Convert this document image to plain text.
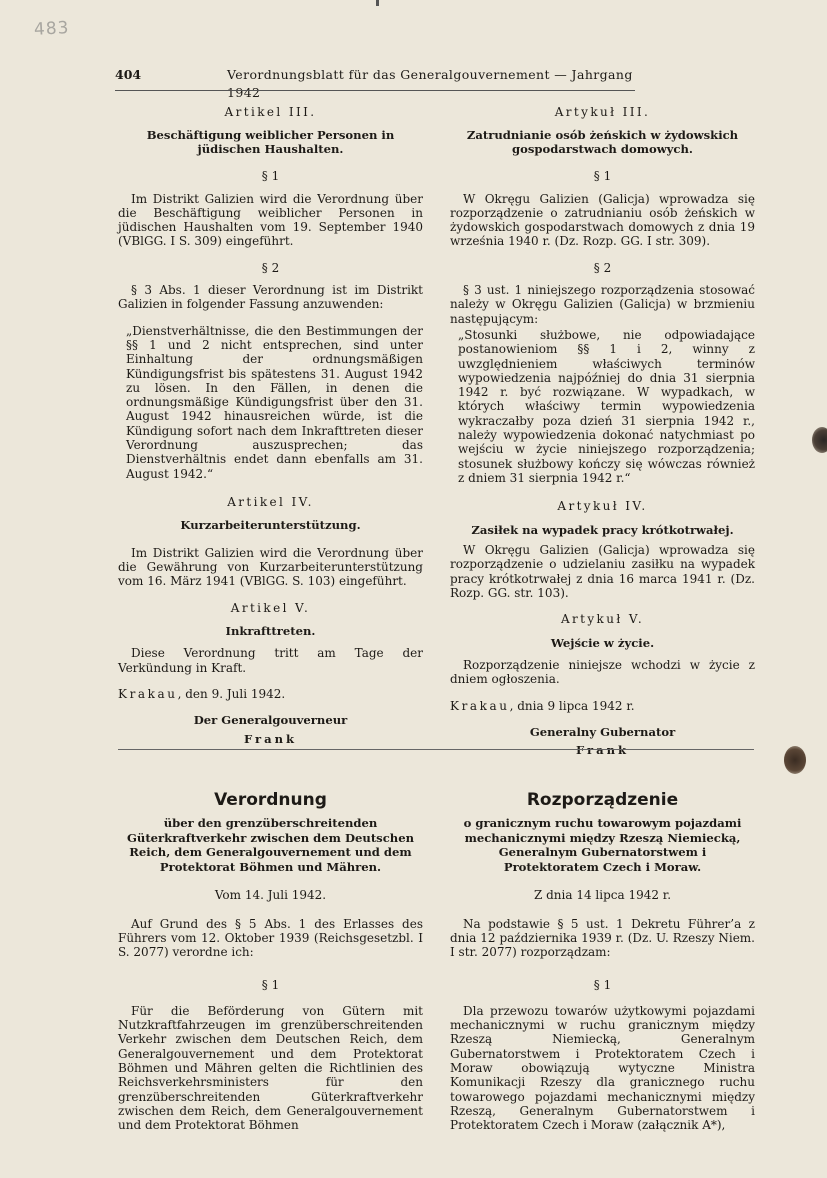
483
404	Verordnungsblatt für das Generalgouvernement — Jahrgang 1942
Artikel III.
Beschäftigung weiblicher Personen in jüdischen Haushalten.
§ 1
Im Distrikt Galizien wird die Verordnung über die Beschäftigung weiblicher Personen in jüdischen Haushalten vom 19. September 1940 (VBlGG. I S. 309) eingeführt.
§ 2
§ 3 Abs. 1 dieser Verordnung ist im Distrikt Galizien in folgender Fassung anzuwenden:
„Dienstverhältnisse, die den Bestimmungen der §§ 1 und 2 nicht entsprechen, sind unter Einhaltung der ordnungsmäßigen Kündigungsfrist bis spätestens 31. August 1942 zu lösen. In den Fällen, in denen die ordnungsmäßige Kündigungsfrist über den 31. August 1942 hinausreichen würde, ist die Kündigung sofort nach dem Inkrafttreten dieser Verordnung auszusprechen; das Dienstverhältnis endet dann ebenfalls am 31. August 1942.“
Artikel IV.
Kurzarbeiterunterstützung.
Im Distrikt Galizien wird die Verordnung über die Gewährung von Kurzarbeiterunterstützung vom 16. März 1941 (VBlGG. S. 103) eingeführt.
Artikel V.
Inkrafttreten.
Diese Verordnung tritt am Tage der Verkündung in Kraft.
Krakau, den 9. Juli 1942.
Der Generalgouverneur
Frank
Artykuł III.
Zatrudnianie osób żeńskich w żydowskich gospodarstwach domowych.
§ 1
W Okręgu Galizien (Galicja) wprowadza się rozporządzenie o zatrudnianiu osób żeńskich w żydowskich gospodarstwach domowych z dnia 19 września 1940 r. (Dz. Rozp. GG. I str. 309).
§ 2
§ 3 ust. 1 niniejszego rozporządzenia stosować należy w Okręgu Galizien (Galicja) w brzmieniu następującym:
„Stosunki służbowe, nie odpowiadające postanowieniom §§ 1 i 2, winny z uwzględnieniem właściwych terminów wypowiedzenia najpóźniej do dnia 31 sierpnia 1942 r. być rozwiązane. W wypadkach, w których właściwy termin wypowiedzenia wykraczałby poza dzień 31 sierpnia 1942 r., należy wypowiedzenia dokonać natychmiast po wejściu w życie niniejszego rozporządzenia; stosunek służbowy kończy się wówczas również z dniem 31 sierpnia 1942 r.“
Artykuł IV.
Zasiłek na wypadek pracy krótkotrwałej.
W Okręgu Galizien (Galicja) wprowadza się rozporządzenie o udzielaniu zasiłku na wypadek pracy krótkotrwałej z dnia 16 marca 1941 r. (Dz. Rozp. GG. str. 103).
Artykuł V.
Wejście w życie.
Rozporządzenie niniejsze wchodzi w życie z dniem ogłoszenia.
Krakau, dnia 9 lipca 1942 r.
Generalny Gubernator
Frank
Verordnung
über den grenzüberschreitenden Güterkraftverkehr zwischen dem Deutschen Reich, dem Generalgouvernement und dem Protektorat Böhmen und Mähren.
Vom 14. Juli 1942.
Auf Grund des § 5 Abs. 1 des Erlasses des Führers vom 12. Oktober 1939 (Reichsgesetzbl. I S. 2077) verordne ich:
§ 1
Für die Beförderung von Gütern mit Nutzkraftfahrzeugen im grenzüberschreitenden Verkehr zwischen dem Deutschen Reich, dem Generalgouvernement und dem Protektorat Böhmen und Mähren gelten die Richtlinien des Reichsverkehrsministers für den grenzüberschreitenden Güterkraftverkehr zwischen dem Reich, dem Generalgouvernement und dem Protektorat Böhmen
Rozporządzenie
o granicznym ruchu towarowym pojazdami mechanicznymi między Rzeszą Niemiecką, Generalnym Gubernatorstwem i Protektoratem Czech i Moraw.
Z dnia 14 lipca 1942 r.
Na podstawie § 5 ust. 1 Dekretu Führer’a z dnia 12 października 1939 r. (Dz. U. Rzeszy Niem. I str. 2077) rozporządzam:
§ 1
Dla przewozu towarów użytkowymi pojazdami mechanicznymi w ruchu granicznym między Rzeszą Niemiecką, Generalnym Gubernatorstwem i Protektoratem Czech i Moraw obowiązują wytyczne Ministra Komunikacji Rzeszy dla granicznego ruchu towarowego pojazdami mechanicznymi między Rzeszą, Generalnym Gubernatorstwem i Protektoratem Czech i Moraw (załącznik A*),
